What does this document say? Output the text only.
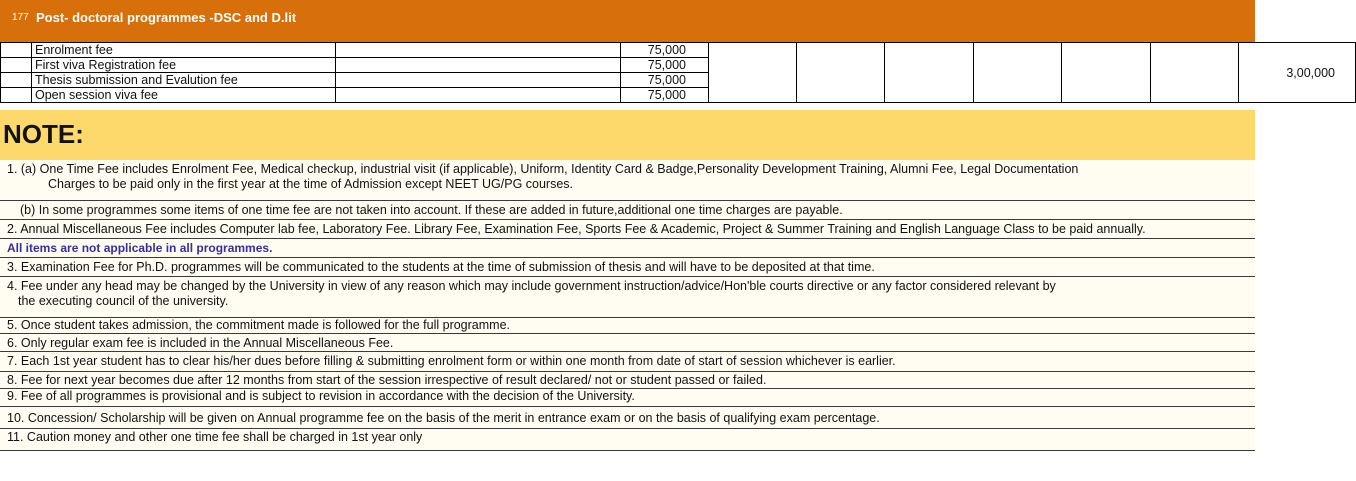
177 Post- doctoral programmes -DSC and D.lit
	Enrolment fee		75,000							3,00,000
	First viva Registration fee		75,000							
	Thesis submission and Evalution fee		75,000							
	Open session viva fee		75,000							
NOTE:
1. (a) One Time Fee includes Enrolment Fee, Medical checkup, industrial visit (if applicable), Uniform, Identity Card & Badge,Personality Development Training, Alumni Fee, Legal Documentation
Charges to be paid only in the first year at the time of Admission except NEET UG/PG courses.
(b) In some programmes some items of one time fee are not taken into account. If these are added in future,additional one time charges are payable.
2. Annual Miscellaneous Fee includes Computer lab fee, Laboratory Fee. Library Fee, Examination Fee, Sports Fee & Academic, Project & Summer Training and English Language Class to be paid annually.
All items are not applicable in all programmes.
3. Examination Fee for Ph.D. programmes will be communicated to the students at the time of submission of thesis and will have to be deposited at that time.
4. Fee under any head may be changed by the University in view of any reason which may include government instruction/advice/Hon'ble courts directive or any factor considered relevant by
the executing council of the university.
5. Once student takes admission, the commitment made is followed for the full programme.
6. Only regular exam fee is included in the Annual Miscellaneous Fee.
7. Each 1st year student has to clear his/her dues before filling & submitting enrolment form or within one month from date of start of session whichever is earlier.
8. Fee for next year becomes due after 12 months from start of the session irrespective of result declared/ not or student passed or failed.
9. Fee of all programmes is provisional and is subject to revision in accordance with the decision of the University.
10. Concession/ Scholarship will be given on Annual programme fee on the basis of the merit in entrance exam or on the basis of qualifying exam percentage.
11. Caution money and other one time fee shall be charged in 1st year only
